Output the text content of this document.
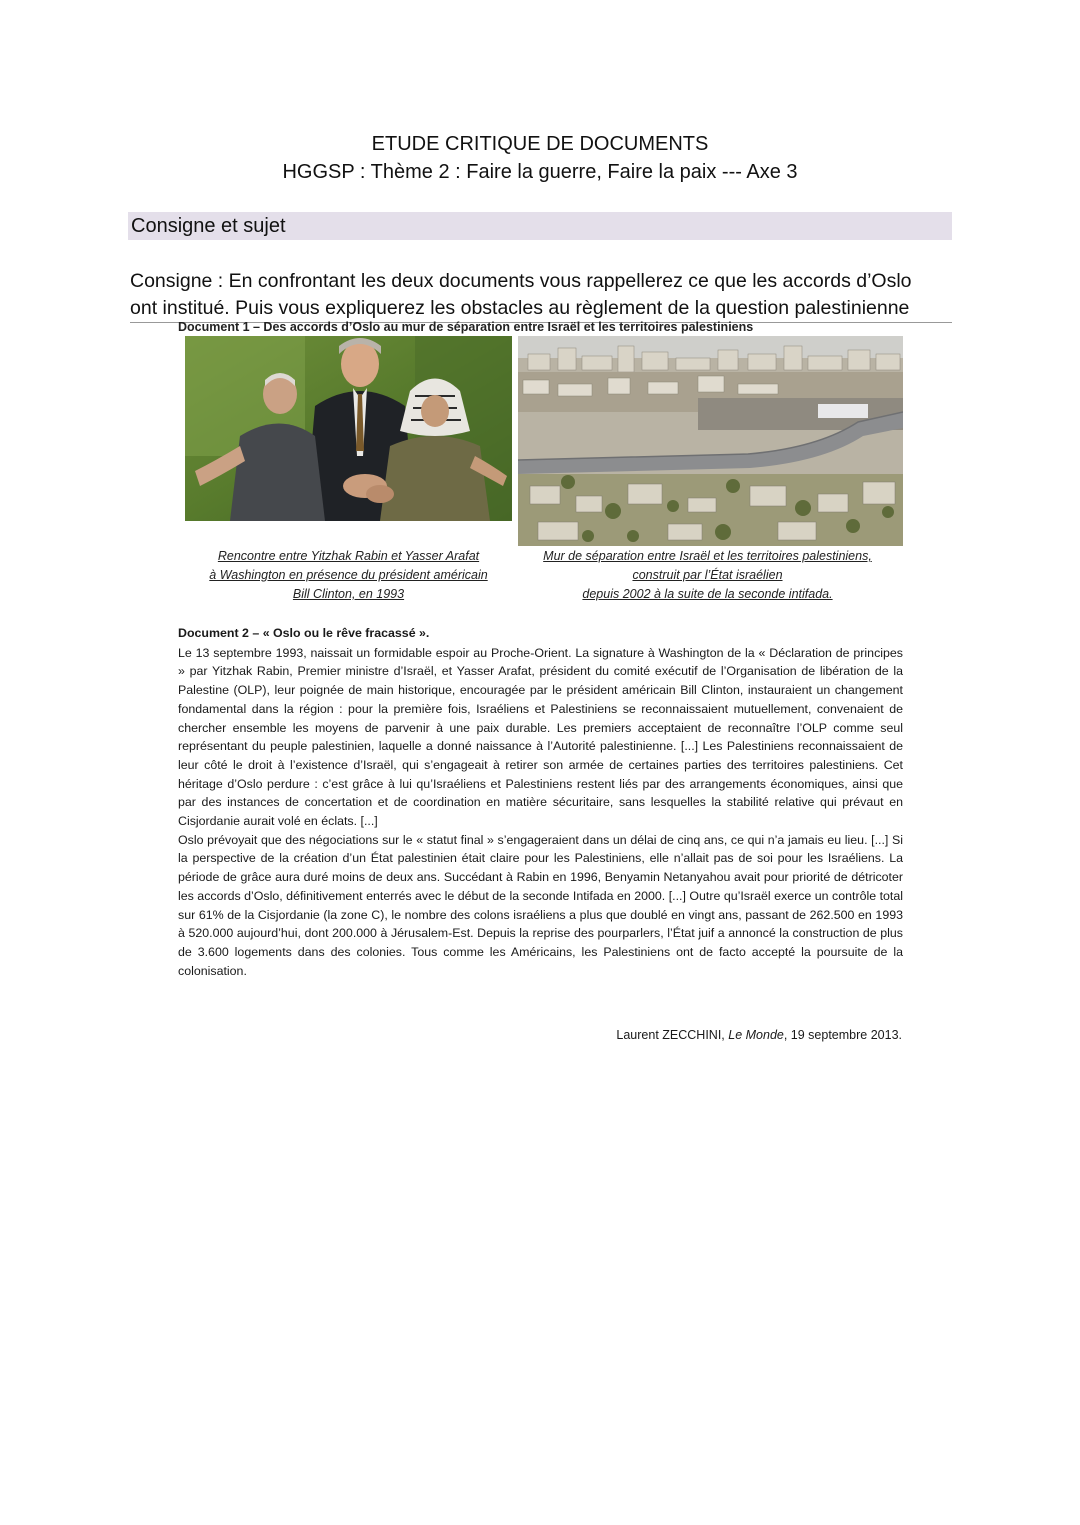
ETUDE CRITIQUE DE DOCUMENTS
HGGSP : Thème 2 : Faire la guerre, Faire la paix --- Axe 3
Consigne et sujet
Consigne : En confrontant les deux documents vous rappellerez ce que les accords d’Oslo
ont institué. Puis vous expliquerez les obstacles au règlement de la question palestinienne
Document 1 – Des accords d’Oslo au mur de séparation entre Israël et les territoires palestiniens
Rencontre entre Yitzhak Rabin et Yasser Arafat
à Washington en présence du président américain
Bill Clinton, en 1993
Mur de séparation entre Israël et les territoires palestiniens,
construit par l’État israélien
depuis 2002 à la suite de la seconde intifada.
Document 2 – « Oslo ou le rêve fracassé ».

Le 13 septembre 1993, naissait un formidable espoir au Proche-Orient. La signature à Washington de la « Déclaration de principes » par Yitzhak Rabin, Premier ministre d’Israël, et Yasser Arafat, président du comité exécutif de l’Organisation de libération de la Palestine (OLP), leur poignée de main historique, encouragée par le président américain Bill Clinton, instauraient un changement fondamental dans la région : pour la première fois, Israéliens et Palestiniens se reconnaissaient mutuellement, convenaient de chercher ensemble les moyens de parvenir à une paix durable. Les premiers acceptaient de reconnaître l’OLP comme seul représentant du peuple palestinien, laquelle a donné naissance à l’Autorité palestinienne. [...] Les Palestiniens reconnaissaient de leur côté le droit à l’existence d’Israël, qui s’engageait à retirer son armée de certaines parties des territoires palestiniens. Cet héritage d’Oslo perdure : c’est grâce à lui qu’Israéliens et Palestiniens restent liés par des arrangements économiques, ainsi que par des instances de concertation et de coordination en matière sécuritaire, sans lesquelles la stabilité relative qui prévaut en Cisjordanie aurait volé en éclats. [...]

Oslo prévoyait que des négociations sur le « statut final » s’engageraient dans un délai de cinq ans, ce qui n’a jamais eu lieu. [...] Si la perspective de la création d’un État palestinien était claire pour les Palestiniens, elle n’allait pas de soi pour les Israéliens. La période de grâce aura duré moins de deux ans. Succédant à Rabin en 1996, Benyamin Netanyahou avait pour priorité de détricoter les accords d’Oslo, définitivement enterrés avec le début de la seconde Intifada en 2000. [...] Outre qu’Israël exerce un contrôle total sur 61% de la Cisjordanie (la zone C), le nombre des colons israéliens a plus que doublé en vingt ans, passant de 262.500 en 1993 à 520.000 aujourd’hui, dont 200.000 à Jérusalem-Est. Depuis la reprise des pourparlers, l’État juif a annoncé la construction de plus de 3.600 logements dans des colonies. Tous comme les Américains, les Palestiniens ont de facto accepté la poursuite de la colonisation.

Laurent ZECCHINI, Le Monde, 19 septembre 2013.
